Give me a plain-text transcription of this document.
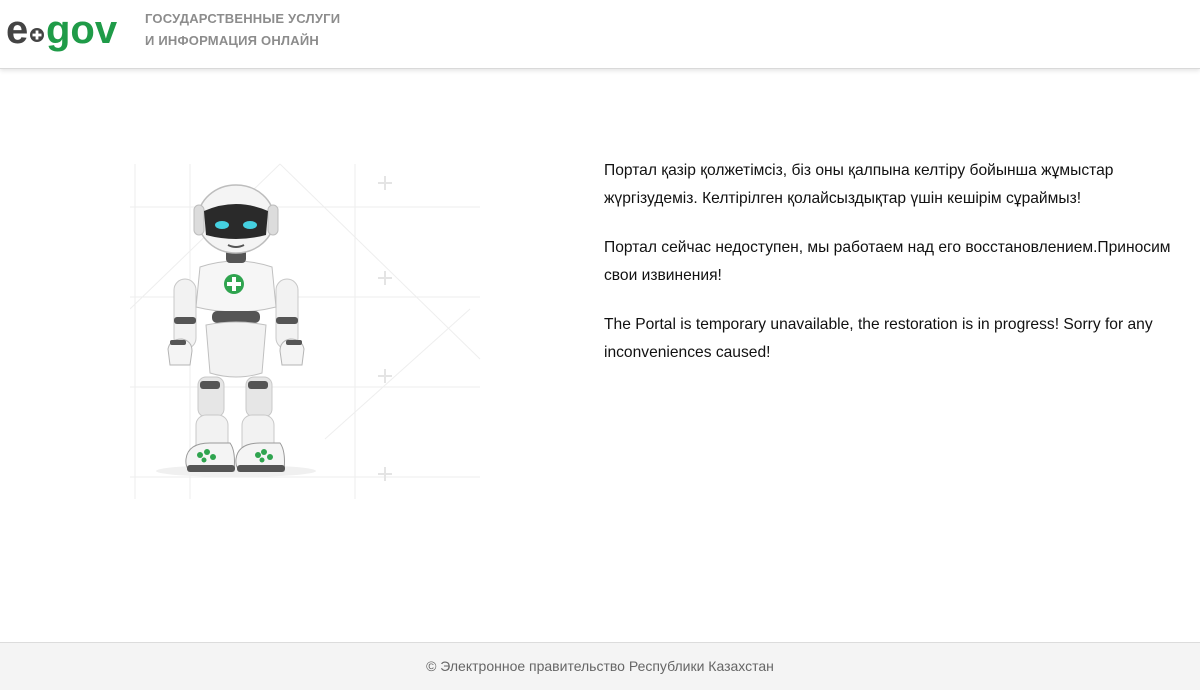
e gov ГОСУДАРСТВЕННЫЕ УСЛУГИ
И ИНФОРМАЦИЯ ОНЛАЙН

Портал қазір қолжетімсіз, біз оны қалпына келтіру бойынша жұмыстар жүргізудеміз. Келтірілген қолайсыздықтар үшін кешірім сұраймыз!

Портал сейчас недоступен, мы работаем над его восстановлением.Приносим свои извинения!

The Portal is temporary unavailable, the restoration is in progress! Sorry for any inconveniences caused!

© Электронное правительство Республики Казахстан
